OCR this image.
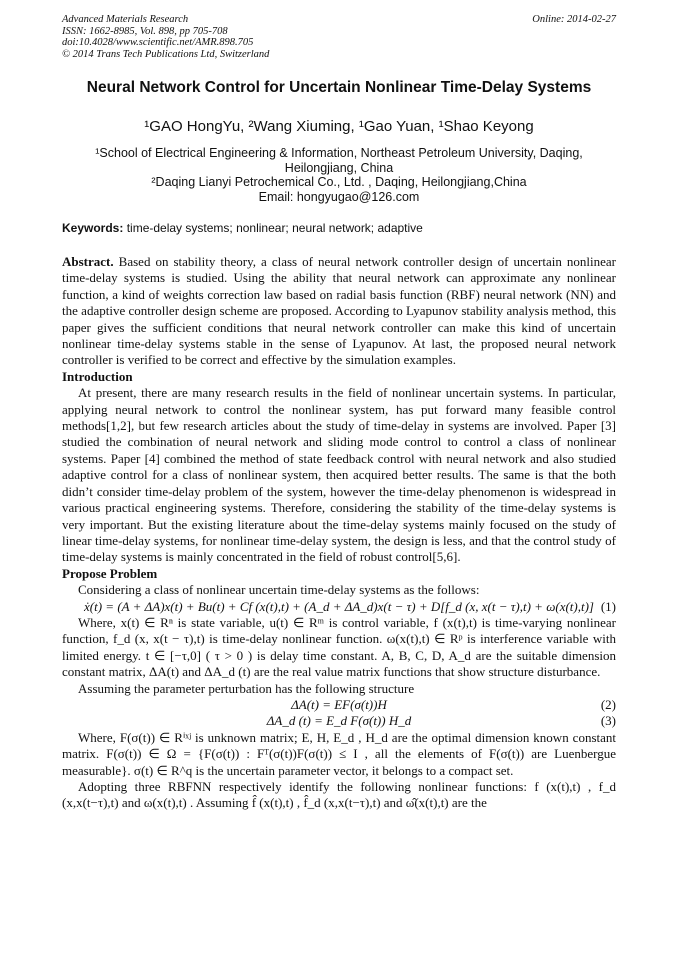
Advanced Materials Research
ISSN: 1662-8985, Vol. 898, pp 705-708
doi:10.4028/www.scientific.net/AMR.898.705
© 2014 Trans Tech Publications Ltd, Switzerland
Online: 2014-02-27
Neural Network Control for Uncertain Nonlinear Time-Delay Systems
¹GAO HongYu, ²Wang Xiuming, ¹Gao Yuan, ¹Shao Keyong
¹School of Electrical Engineering & Information, Northeast Petroleum University, Daqing,
Heilongjiang, China
²Daqing Lianyi Petrochemical Co., Ltd. , Daqing, Heilongjiang,China
Email: hongyugao@126.com
Keywords: time-delay systems; nonlinear; neural network; adaptive

Abstract. Based on stability theory, a class of neural network controller design of uncertain nonlinear time-delay systems is studied. Using the ability that neural network can approximate any nonlinear function, a kind of weights correction law based on radial basis function (RBF) neural network (NN) and the adaptive controller design scheme are proposed. According to Lyapunov stability analysis method, this paper gives the sufficient conditions that neural network controller can make this kind of uncertain nonlinear time-delay systems stable in the sense of Lyapunov. At last, the proposed neural network controller is verified to be correct and effective by the simulation examples.

Introduction

At present, there are many research results in the field of nonlinear uncertain systems. In particular, applying neural network to control the nonlinear system, has put forward many feasible control methods[1,2], but few research articles about the study of time-delay in systems are involved. Paper [3] studied the combination of neural network and sliding mode control to control a class of nonlinear systems. Paper [4] combined the method of state feedback control with neural network and also studied adaptive control for a class of nonlinear system, then acquired better results. The same is that the both didn’t consider time-delay problem of the system, however the time-delay phenomenon is widespread in various practical engineering systems. Therefore, considering the stability of the time-delay systems is very important. But the existing literature about the time-delay systems mainly focused on the study of linear time-delay systems, for nonlinear time-delay system, the design is less, and that the control study of time-delay systems is mainly concentrated in the field of robust control[5,6].

Propose Problem

Considering a class of nonlinear uncertain time-delay systems as the follows:

ẋ(t) = (A + ΔA)x(t) + Bu(t) + Cf (x(t),t) + (A_d + ΔA_d)x(t − τ) + D[f_d (x, x(t − τ),t) + ω(x(t),t)] (1)

Where, x(t) ∈ Rⁿ is state variable, u(t) ∈ Rᵐ is control variable, f (x(t),t) is time-varying nonlinear function, f_d (x, x(t − τ),t) is time-delay nonlinear function. ω(x(t),t) ∈ Rᵖ is interference variable with limited energy. t ∈ [−τ,0] ( τ > 0 ) is delay time constant. A, B, C, D, A_d are the suitable dimension constant matrix, ΔA(t) and ΔA_d (t) are the real value matrix functions that show structure disturbance.

Assuming the parameter perturbation has the following structure

ΔA(t) = EF(σ(t))H	(2)

ΔA_d (t) = E_d F(σ(t)) H_d	(3)

Where, F(σ(t)) ∈ Rⁱˣʲ is unknown matrix; E, H, E_d , H_d are the optimal dimension known constant matrix. F(σ(t)) ∈ Ω = {F(σ(t)) : Fᵀ(σ(t))F(σ(t)) ≤ I , all the elements of F(σ(t)) are Luenbergue measurable}. σ(t) ∈ R^q is the uncertain parameter vector, it belongs to a compact set.

Adopting three RBFNN respectively identify the following nonlinear functions: f (x(t),t) , f_d (x,x(t−τ),t) and ω(x(t),t) . Assuming f̂ (x(t),t) , f̂_d (x,x(t−τ),t) and ω̂(x(t),t) are the
